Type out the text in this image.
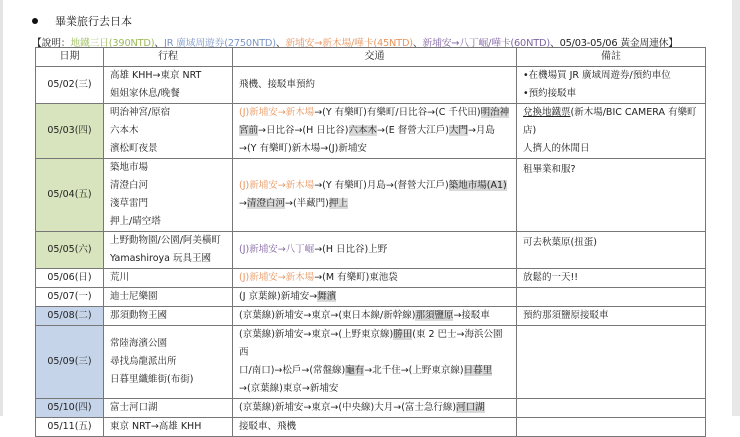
畢業旅行去日本
【說明：地鐵三日(390NTD)、JR 廣域周遊券(2750NTD)、新埔安→新木場/嘩卡(45NTD)、新埔安→八丁崛/嘩卡(60NTD)、05/03-05/06 黃金周連休】
日期	行程	交通	備註
05/02(三)	高雄 KHH→東京 NRT
姐姐家休息/晚餐	飛機、接駁車預約	•在機場買 JR 廣域周遊券/預約車位
•預約接駁車

05/03(四)	明治神宮/原宿
六本木
濱松町夜景	(J)新埔安→新木場→(Y 有樂町)有樂町/日比谷→(C 千代田)明治神
宮前→日比谷→(H 日比谷)六本木→(E 督營大江戶)大門→月島
→(Y 有樂町)新木場→(J)新埔安	兌換地鐵票(新木場/BIC CAMERA 有樂町店)
人擠人的休閒日

05/04(五)	築地市場
清澄白河
淺草雷門
押上/晴空塔	(J)新埔安→新木場→(Y 有樂町)月島→(督營大江戶)築地市場(A1)
→清澄白河→(半藏門)押上	租畢業和服?

05/05(六)	上野動物園/公園/阿美橫町
Yamashiroya 玩具王國	(J)新埔安→八丁崛→(H 日比谷)上野	可去秋葉原(扭蛋)

05/06(日)	荒川	(J)新埔安→新木場→(M 有樂町)東池袋	放鬆的一天!!

05/07(一)	迪士尼樂園	(J 京葉線)新埔安→舞濱	

05/08(二)	那須動物王國	(京葉線)新埔安→東京→(東日本線/新幹線)那須鹽原→接駁車	預約那須鹽原接駁車

05/09(三)	常陸海濱公園
尋找烏龍派出所
日暮里纖維街(布街)	(京葉線)新埔安→東京→(上野東京線)勝田(東 2 巴士→海浜公園西
口/南口)→松戶→(常盤線)龜有→北千住→(上野東京線)日暮里
→(京葉線)東京→新埔安	

05/10(四)	富士河口湖	(京葉線)新埔安→東京→(中央線)大月→(富士急行線)河口湖	

05/11(五)	東京 NRT→高雄 KHH	接駁車、飛機	
